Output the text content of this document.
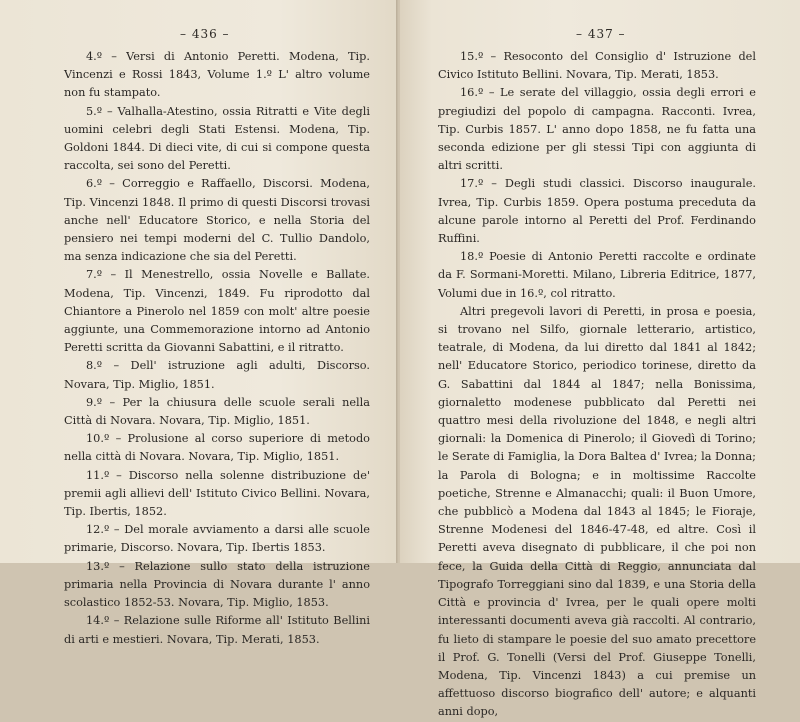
– 436 –

4.º – Versi di Antonio Peretti. Modena, Tip. Vincenzi e Rossi 1843, Volume 1.º L' altro volume non fu stampato.

5.º – Valhalla-Atestino, ossia Ritratti e Vite degli uomini celebri degli Stati Estensi. Modena, Tip. Goldoni 1844. Di dieci vite, di cui si compone questa raccolta, sei sono del Peretti.

6.º – Correggio e Raffaello, Discorsi. Modena, Tip. Vincenzi 1848. Il primo di questi Discorsi trovasi anche nell' Educatore Storico, e nella Storia del pensiero nei tempi moderni del C. Tullio Dandolo, ma senza indicazione che sia del Peretti.

7.º – Il Menestrello, ossia Novelle e Ballate. Modena, Tip. Vincenzi, 1849. Fu riprodotto dal Chiantore a Pinerolo nel 1859 con molt' altre poesie aggiunte, una Commemorazione intorno ad Antonio Peretti scritta da Giovanni Sabattini, e il ritratto.

8.º – Dell' istruzione agli adulti, Discorso. Novara, Tip. Miglio, 1851.

9.º – Per la chiusura delle scuole serali nella Città di Novara. Novara, Tip. Miglio, 1851.

10.º – Prolusione al corso superiore di metodo nella città di Novara. Novara, Tip. Miglio, 1851.

11.º – Discorso nella solenne distribuzione de' premii agli allievi dell' Istituto Civico Bellini. Novara, Tip. Ibertis, 1852.

12.º – Del morale avviamento a darsi alle scuole primarie, Discorso. Novara, Tip. Ibertis 1853.

13.º – Relazione sullo stato della istruzione primaria nella Provincia di Novara durante l' anno scolastico 1852-53. Novara, Tip. Miglio, 1853.

14.º – Relazione sulle Riforme all' Istituto Bellini di arti e mestieri. Novara, Tip. Merati, 1853.

– 437 –

15.º – Resoconto del Consiglio d' Istruzione del Civico Istituto Bellini. Novara, Tip. Merati, 1853.

16.º – Le serate del villaggio, ossia degli errori e pregiudizi del popolo di campagna. Racconti. Ivrea, Tip. Curbis 1857. L' anno dopo 1858, ne fu fatta una seconda edizione per gli stessi Tipi con aggiunta di altri scritti.

17.º – Degli studi classici. Discorso inaugurale. Ivrea, Tip. Curbis 1859. Opera postuma preceduta da alcune parole intorno al Peretti del Prof. Ferdinando Ruffini.

18.º Poesie di Antonio Peretti raccolte e ordinate da F. Sormani-Moretti. Milano, Libreria Editrice, 1877, Volumi due in 16.º, col ritratto.

Altri pregevoli lavori di Peretti, in prosa e poesia, si trovano nel Silfo, giornale letterario, artistico, teatrale, di Modena, da lui diretto dal 1841 al 1842; nell' Educatore Storico, periodico torinese, diretto da G. Sabattini dal 1844 al 1847; nella Bonissima, giornaletto modenese pubblicato dal Peretti nei quattro mesi della rivoluzione del 1848, e negli altri giornali: la Domenica di Pinerolo; il Giovedì di Torino; le Serate di Famiglia, la Dora Baltea d' Ivrea; la Donna; la Parola di Bologna; e in moltissime Raccolte poetiche, Strenne e Almanacchi; quali: il Buon Umore, che pubblicò a Modena dal 1843 al 1845; le Fioraje, Strenne Modenesi del 1846-47-48, ed altre. Così il Peretti aveva disegnato di pubblicare, il che poi non fece, la Guida della Città di Reggio, annunciata dal Tipografo Torreggiani sino dal 1839, e una Storia della Città e provincia d' Ivrea, per le quali opere molti interessanti documenti aveva già raccolti. Al contrario, fu lieto di stampare le poesie del suo amato precettore il Prof. G. Tonelli (Versi del Prof. Giuseppe Tonelli, Modena, Tip. Vincenzi 1843) a cui premise un affettuoso discorso biografico dell' autore; e alquanti anni dopo,
